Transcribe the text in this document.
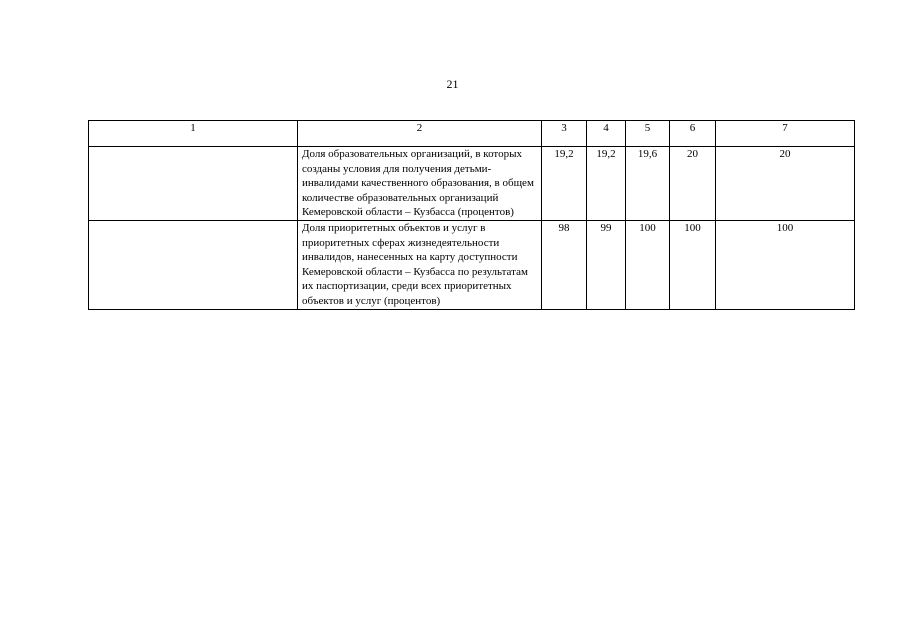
21
1	2	3	4	5	6	7
	Доля образовательных организаций, в которых созданы условия для получения детьми-инвалидами качественного образования, в общем количестве образовательных организаций Кемеровской области – Кузбасса (процентов)	19,2	19,2	19,6	20	20
	Доля приоритетных объектов и услуг в приоритетных сферах жизнедеятельности инвалидов, нанесенных на карту доступности Кемеровской области – Кузбасса по результатам их паспортизации, среди всех приоритетных объектов и услуг (процентов)	98	99	100	100	100
